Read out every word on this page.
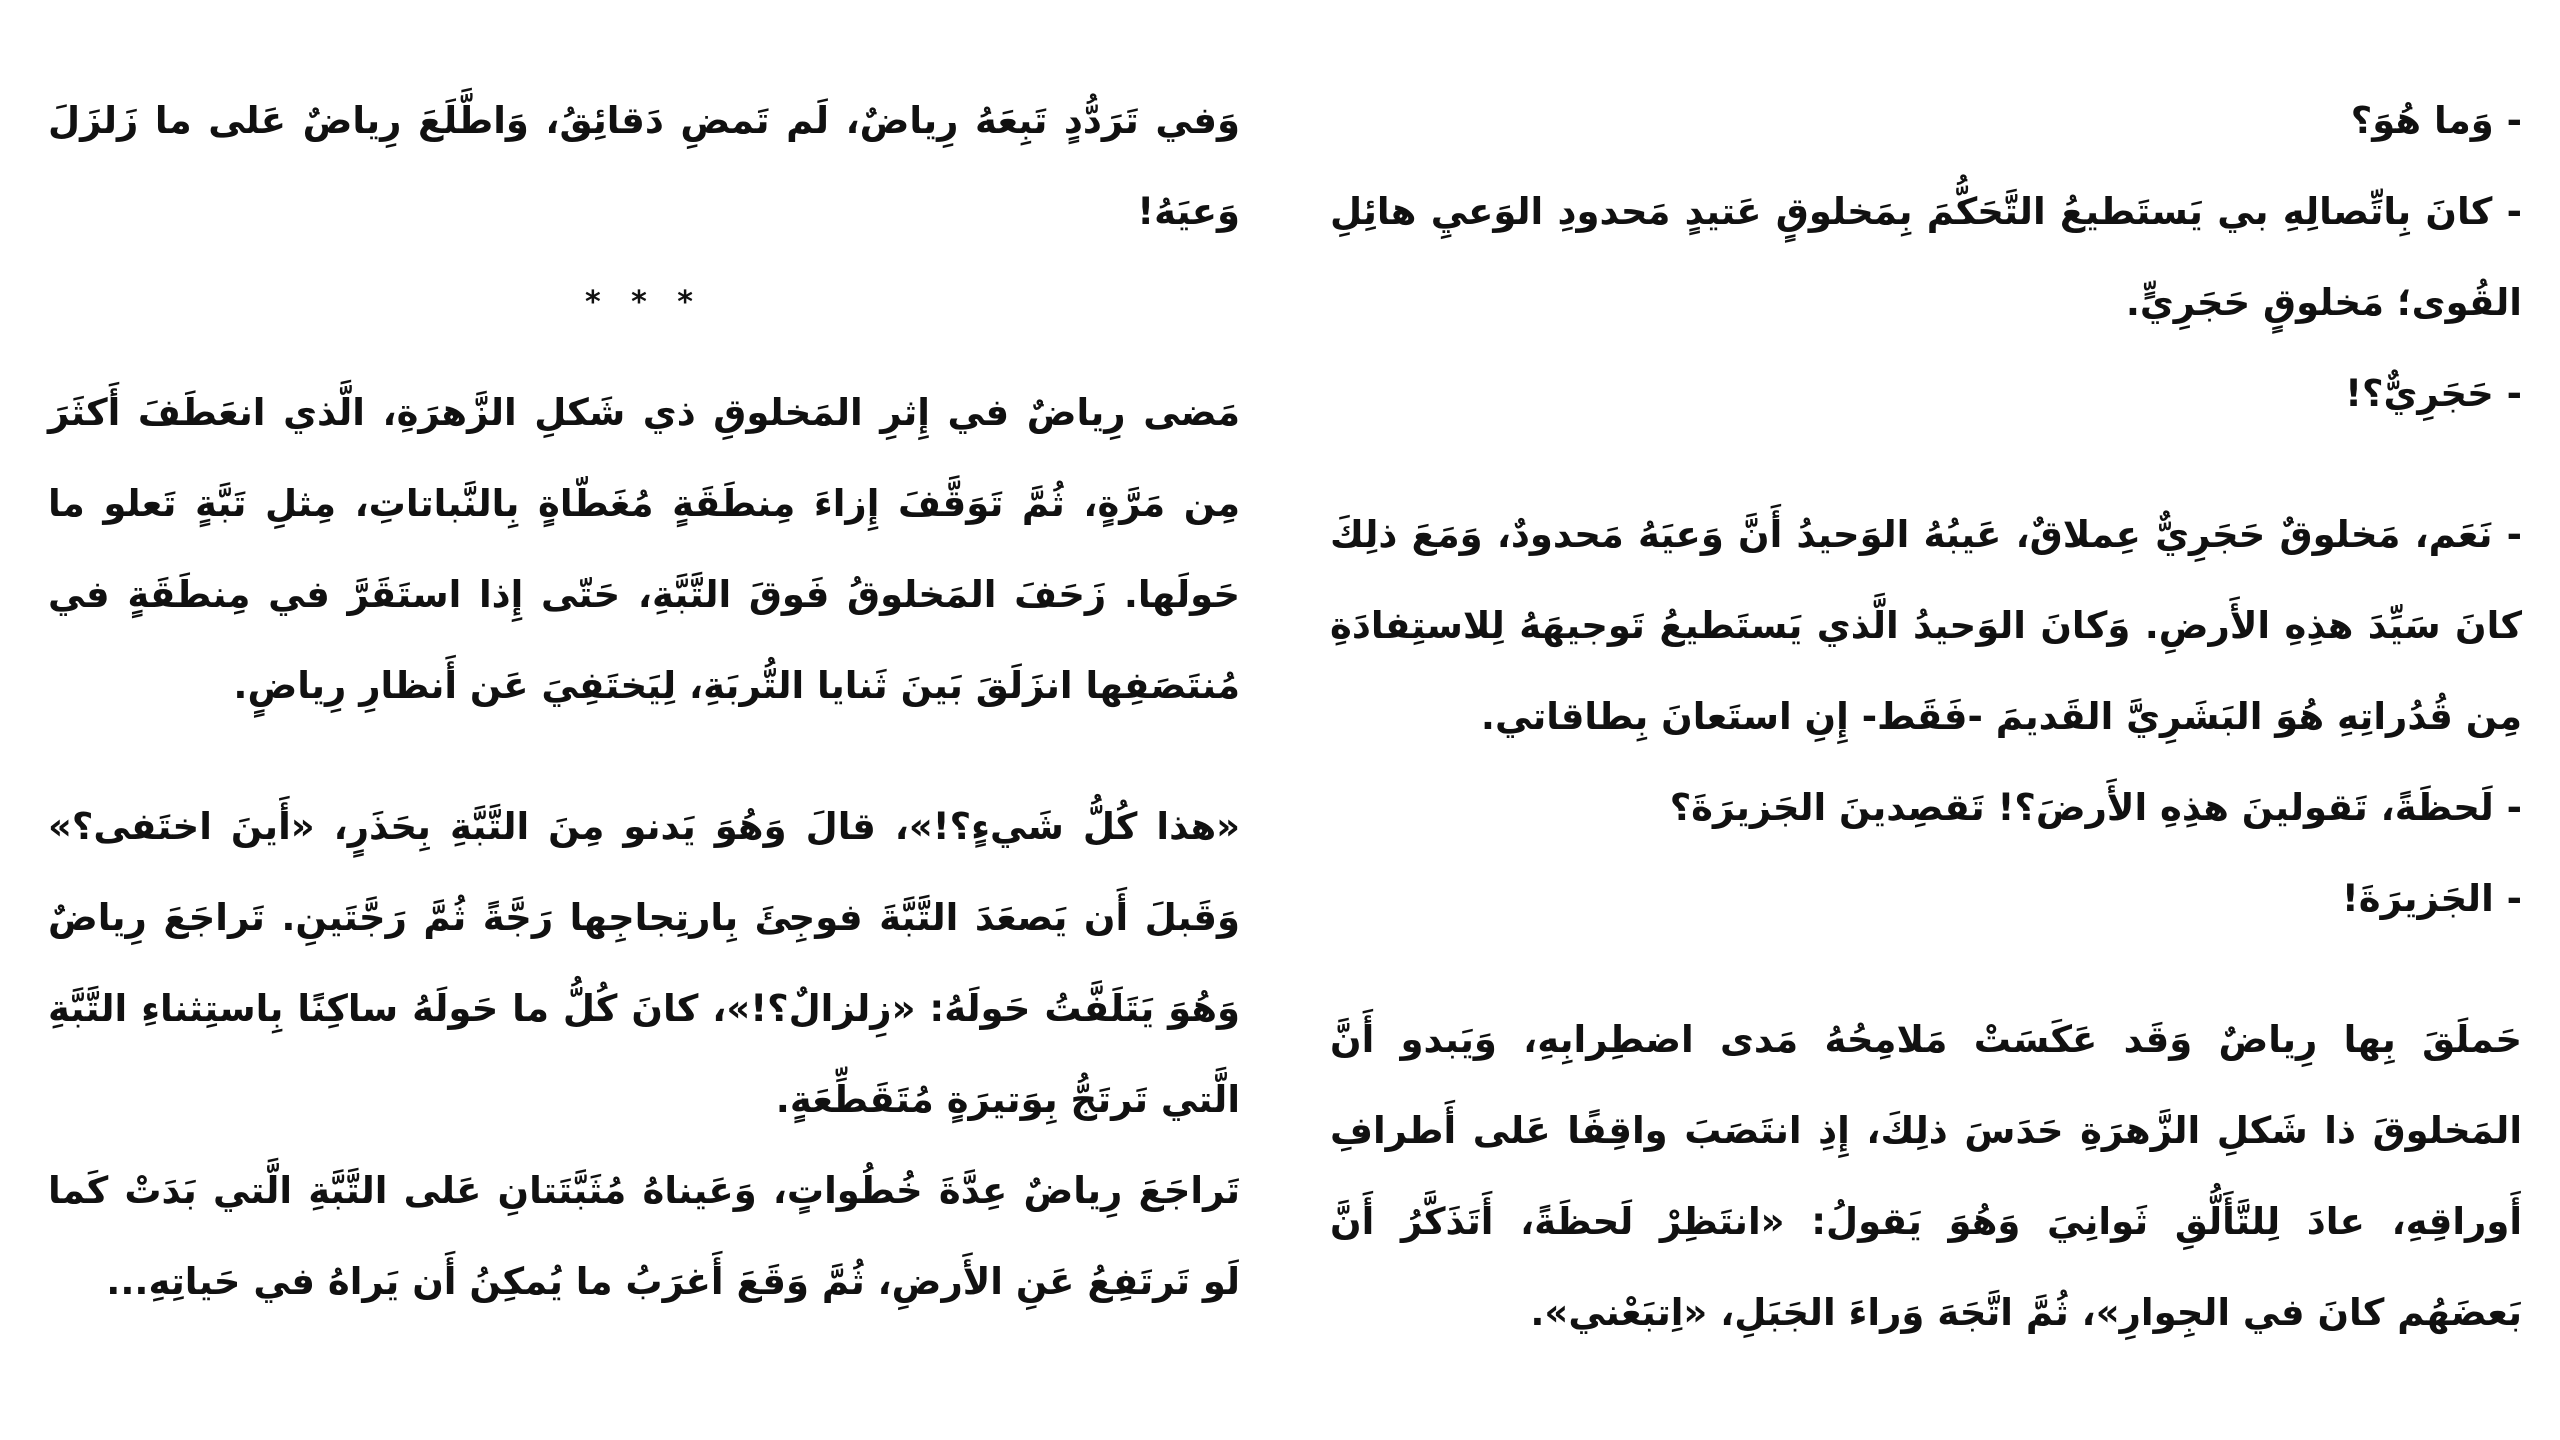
- وَما هُوَ؟

- كانَ بِاتِّصالِهِ بي يَستَطيعُ التَّحَكُّمَ بِمَخلوقٍ عَتيدٍ مَحدودِ الوَعيِ هائِلِ القُوى؛ مَخلوقٍ حَجَرِيٍّ.

- حَجَرِيٌّ؟!

- نَعَم، مَخلوقٌ حَجَرِيٌّ عِملاقٌ، عَيبُهُ الوَحيدُ أَنَّ وَعيَهُ مَحدودٌ، وَمَعَ ذلِكَ كانَ سَيِّدَ هذِهِ الأَرضِ. وَكانَ الوَحيدُ الَّذي يَستَطيعُ تَوجيهَهُ لِلاستِفادَةِ مِن قُدُراتِهِ هُوَ البَشَرِيَّ القَديمَ -فَقَط- إِنِ استَعانَ بِطاقاتي.

- لَحظَةً، تَقولينَ هذِهِ الأَرضَ؟! تَقصِدينَ الجَزيرَةَ؟

- الجَزيرَةَ!

حَملَقَ بِها رِياضٌ وَقَد عَكَسَتْ مَلامِحُهُ مَدى اضطِرابِهِ، وَيَبدو أَنَّ المَخلوقَ ذا شَكلِ الزَّهرَةِ حَدَسَ ذلِكَ، إِذِ انتَصَبَ واقِفًا عَلى أَطرافِ أَوراقِهِ، عادَ لِلتَّأَلُّقِ ثَوانِيَ وَهُوَ يَقولُ: «انتَظِرْ لَحظَةً، أَتَذَكَّرُ أَنَّ بَعضَهُم كانَ في الجِوارِ»، ثُمَّ اتَّجَهَ وَراءَ الجَبَلِ، «اِتبَعْني».

وَفي تَرَدُّدٍ تَبِعَهُ رِياضٌ، لَم تَمضِ دَقائِقُ، وَاطَّلَعَ رِياضٌ عَلى ما زَلزَلَ وَعيَهُ!

* * *

مَضى رِياضٌ في إِثرِ المَخلوقِ ذي شَكلِ الزَّهرَةِ، الَّذي انعَطَفَ أَكثَرَ مِن مَرَّةٍ، ثُمَّ تَوَقَّفَ إِزاءَ مِنطَقَةٍ مُغَطّاةٍ بِالنَّباتاتِ، مِثلِ تَبَّةٍ تَعلو ما حَولَها. زَحَفَ المَخلوقُ فَوقَ التَّبَّةِ، حَتّى إِذا استَقَرَّ في مِنطَقَةٍ في مُنتَصَفِها انزَلَقَ بَينَ ثَنايا التُّربَةِ، لِيَختَفِيَ عَن أَنظارِ رِياضٍ.

«هذا كُلُّ شَيءٍ؟!»، قالَ وَهُوَ يَدنو مِنَ التَّبَّةِ بِحَذَرٍ، «أَينَ اختَفى؟» وَقَبلَ أَن يَصعَدَ التَّبَّةَ فوجِئَ بِارتِجاجِها رَجَّةً ثُمَّ رَجَّتَينِ. تَراجَعَ رِياضٌ وَهُوَ يَتَلَفَّتُ حَولَهُ: «زِلزالٌ؟!»، كانَ كُلُّ ما حَولَهُ ساكِنًا بِاستِثناءِ التَّبَّةِ الَّتي تَرتَجُّ بِوَتيرَةٍ مُتَقَطِّعَةٍ.

تَراجَعَ رِياضٌ عِدَّةَ خُطُواتٍ، وَعَيناهُ مُثَبَّتَتانِ عَلى التَّبَّةِ الَّتي بَدَتْ كَما لَو تَرتَفِعُ عَنِ الأَرضِ، ثُمَّ وَقَعَ أَغرَبُ ما يُمكِنُ أَن يَراهُ في حَياتِهِ...
